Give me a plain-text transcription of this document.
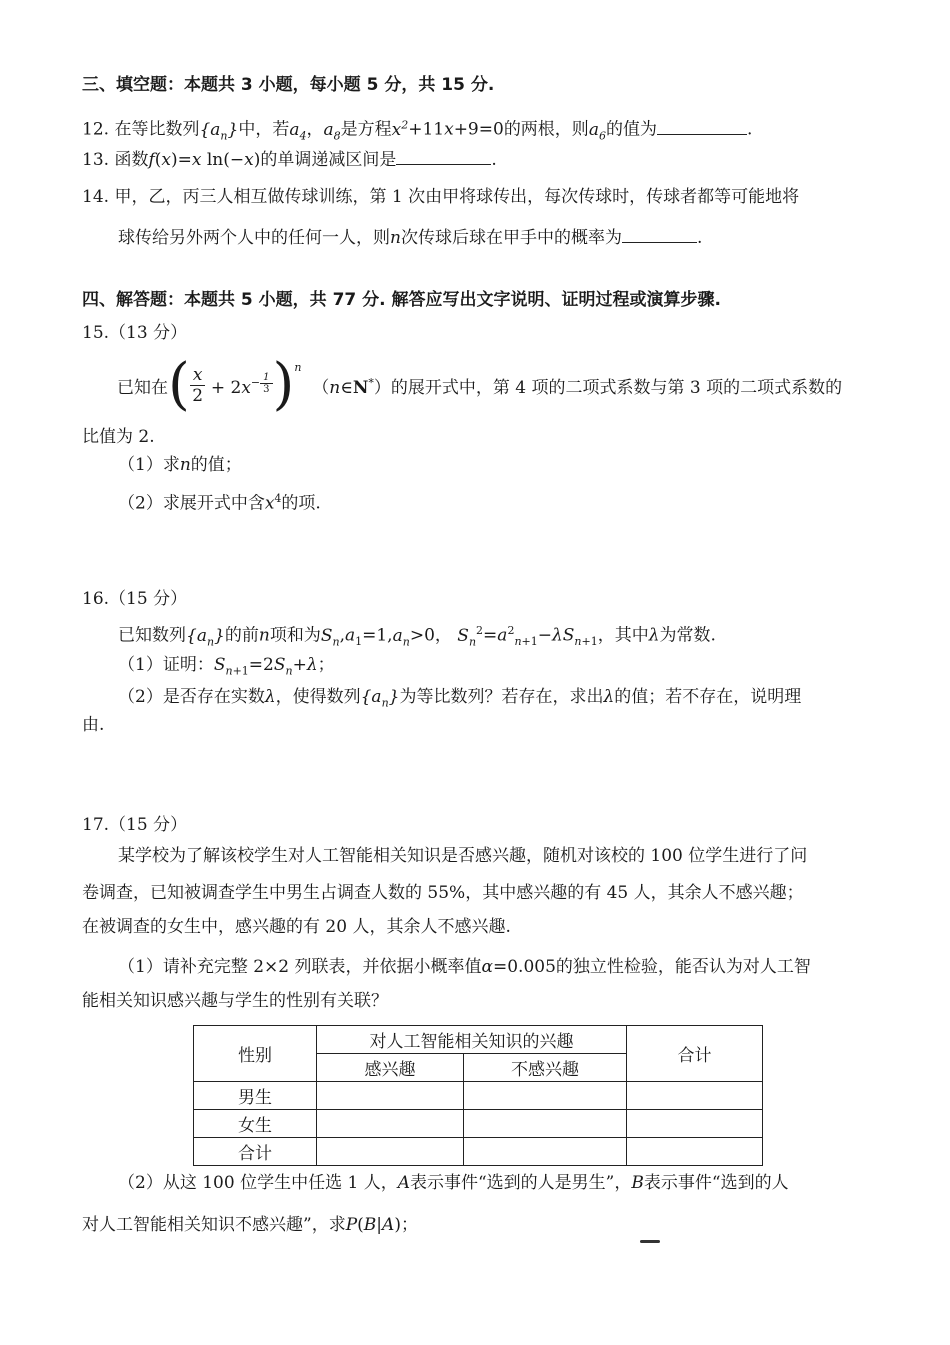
三、填空题：本题共 3 小题，每小题 5 分，共 15 分.
12. 在等比数列$\{a_n\}$中，若$a_4$，$a_8$是方程$x^2+11x+9=0$的两根，则$a_6$的值为	.
13. 函数f(x)=x ln(−x)的单调递减区间是	.
14. 甲，乙，丙三人相互做传球训练，第 1 次由甲将球传出，每次传球时，传球者都等可能地将
球传给另外两个人中的任何一人，则n次传球后球在甲手中的概率为	.
四、解答题：本题共 5 小题，共 77 分. 解答应写出文字说明、证明过程或演算步骤.
15.（13 分）
已知在 ( $\frac{x}{2} + 2x^{- \frac{1}{3}}$ )$^n$
（n∈N*） 的展开式中，第 4 项的二项式系数与第 3 项的二项式系数的
比值为 2.
（1）求n的值；
（2）求展开式中含$x^4$的项.
16.（15 分）
已知数列$\{a_n\}$的前n项和为$S_n,a_1=1,a_n>0$， $S_n^2=a^2_{n+1}-\lambda S_{n+1}$，其中λ为常数.
（1）证明：$S_{n+1}=2S_n+\lambda$；
（2）是否存在实数λ，使得数列$\{a_n\}$为等比数列？若存在，求出λ的值；若不存在，说明理
由.
17.（15 分）
某学校为了解该校学生对人工智能相关知识是否感兴趣，随机对该校的 100 位学生进行了问
卷调查，已知被调查学生中男生占调查人数的 55%，其中感兴趣的有 45 人，其余人不感兴趣；
在被调查的女生中，感兴趣的有 20 人，其余人不感兴趣.
（1）请补充完整 2×2 列联表，并依据小概率值α=0.005的独立性检验，能否认为对人工智
能相关知识感兴趣与学生的性别有关联？
性别	对人工智能相关知识的兴趣		合计
	感兴趣	不感兴趣	
男生			
女生			
合计			
（2）从这 100 位学生中任选 1 人，A表示事件“选到的人是男生”，B表示事件“选到的人
对人工智能相关知识不感兴趣”，求P(B|A)；
